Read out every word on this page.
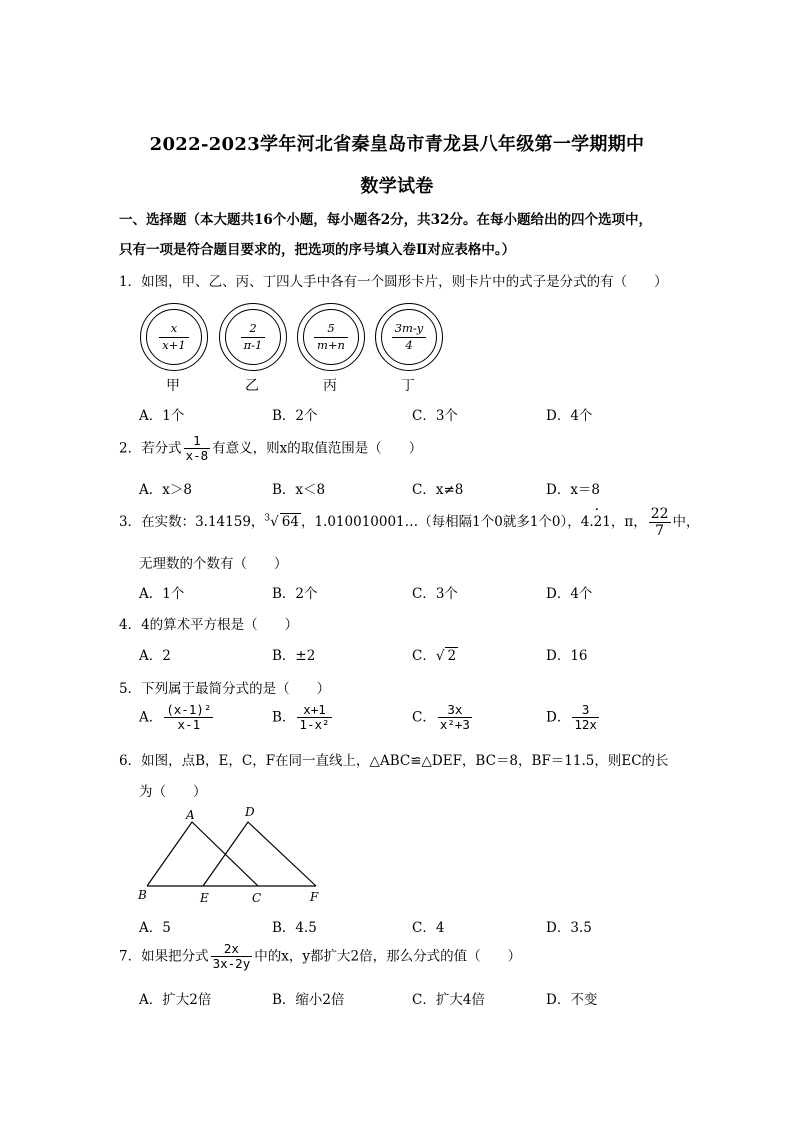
2022-2023学年河北省秦皇岛市青龙县八年级第一学期期中
数学试卷
一、选择题（本大题共16个小题，每小题各2分，共32分。在每小题给出的四个选项中，
只有一项是符合题目要求的，把选项的序号填入卷Ⅱ对应表格中。）
1．如图，甲、乙、丙、丁四人手中各有一个圆形卡片，则卡片中的式子是分式的有（　　）
$\frac{x}{x+1}$	$\frac{2}{\pi-1}$	$\frac{5}{m+n}$	$\frac{3m-y}{4}$
甲	乙	丙	丁
A．1个	B．2个	C．3个	D．4个
2．若分式 $\frac{1}{x-8}$ 有意义，则x的取值范围是（　　）
A．x＞8	B．x＜8	C．x≠8	D．x＝8
3．在实数：3.14159，$^3$√ 64 ，1.010010001…（每相隔1个0就多1个0），4.· 21，π， $\frac{22}{7}$ 中，
无理数的个数有（　　）
A．1个	B．2个	C．3个	D．4个
4．4的算术平方根是（　　）
A．2	B．±2	C．√ 2	D．16
5．下列属于最简分式的是（　　）
A． $\frac{\text{(x-1)²}}{x-1}$	B． $\frac{x+1}{\text{1-x²}}$	C． $\frac{3x}{\text{x²+3}}$	D． $\frac{3}{12x}$
6．如图，点B，E，C，F在同一直线上，△ABC≌△DEF，BC＝8，BF＝11.5，则EC的长
为（　　）
A	D
B	E	C	F
A．5	B．4.5	C．4	D．3.5
7．如果把分式 $\frac{2x}{3x-2y}$ 中的x，y都扩大2倍，那么分式的值（　　）
A．扩大2倍	B．缩小2倍	C．扩大4倍	D．不变
